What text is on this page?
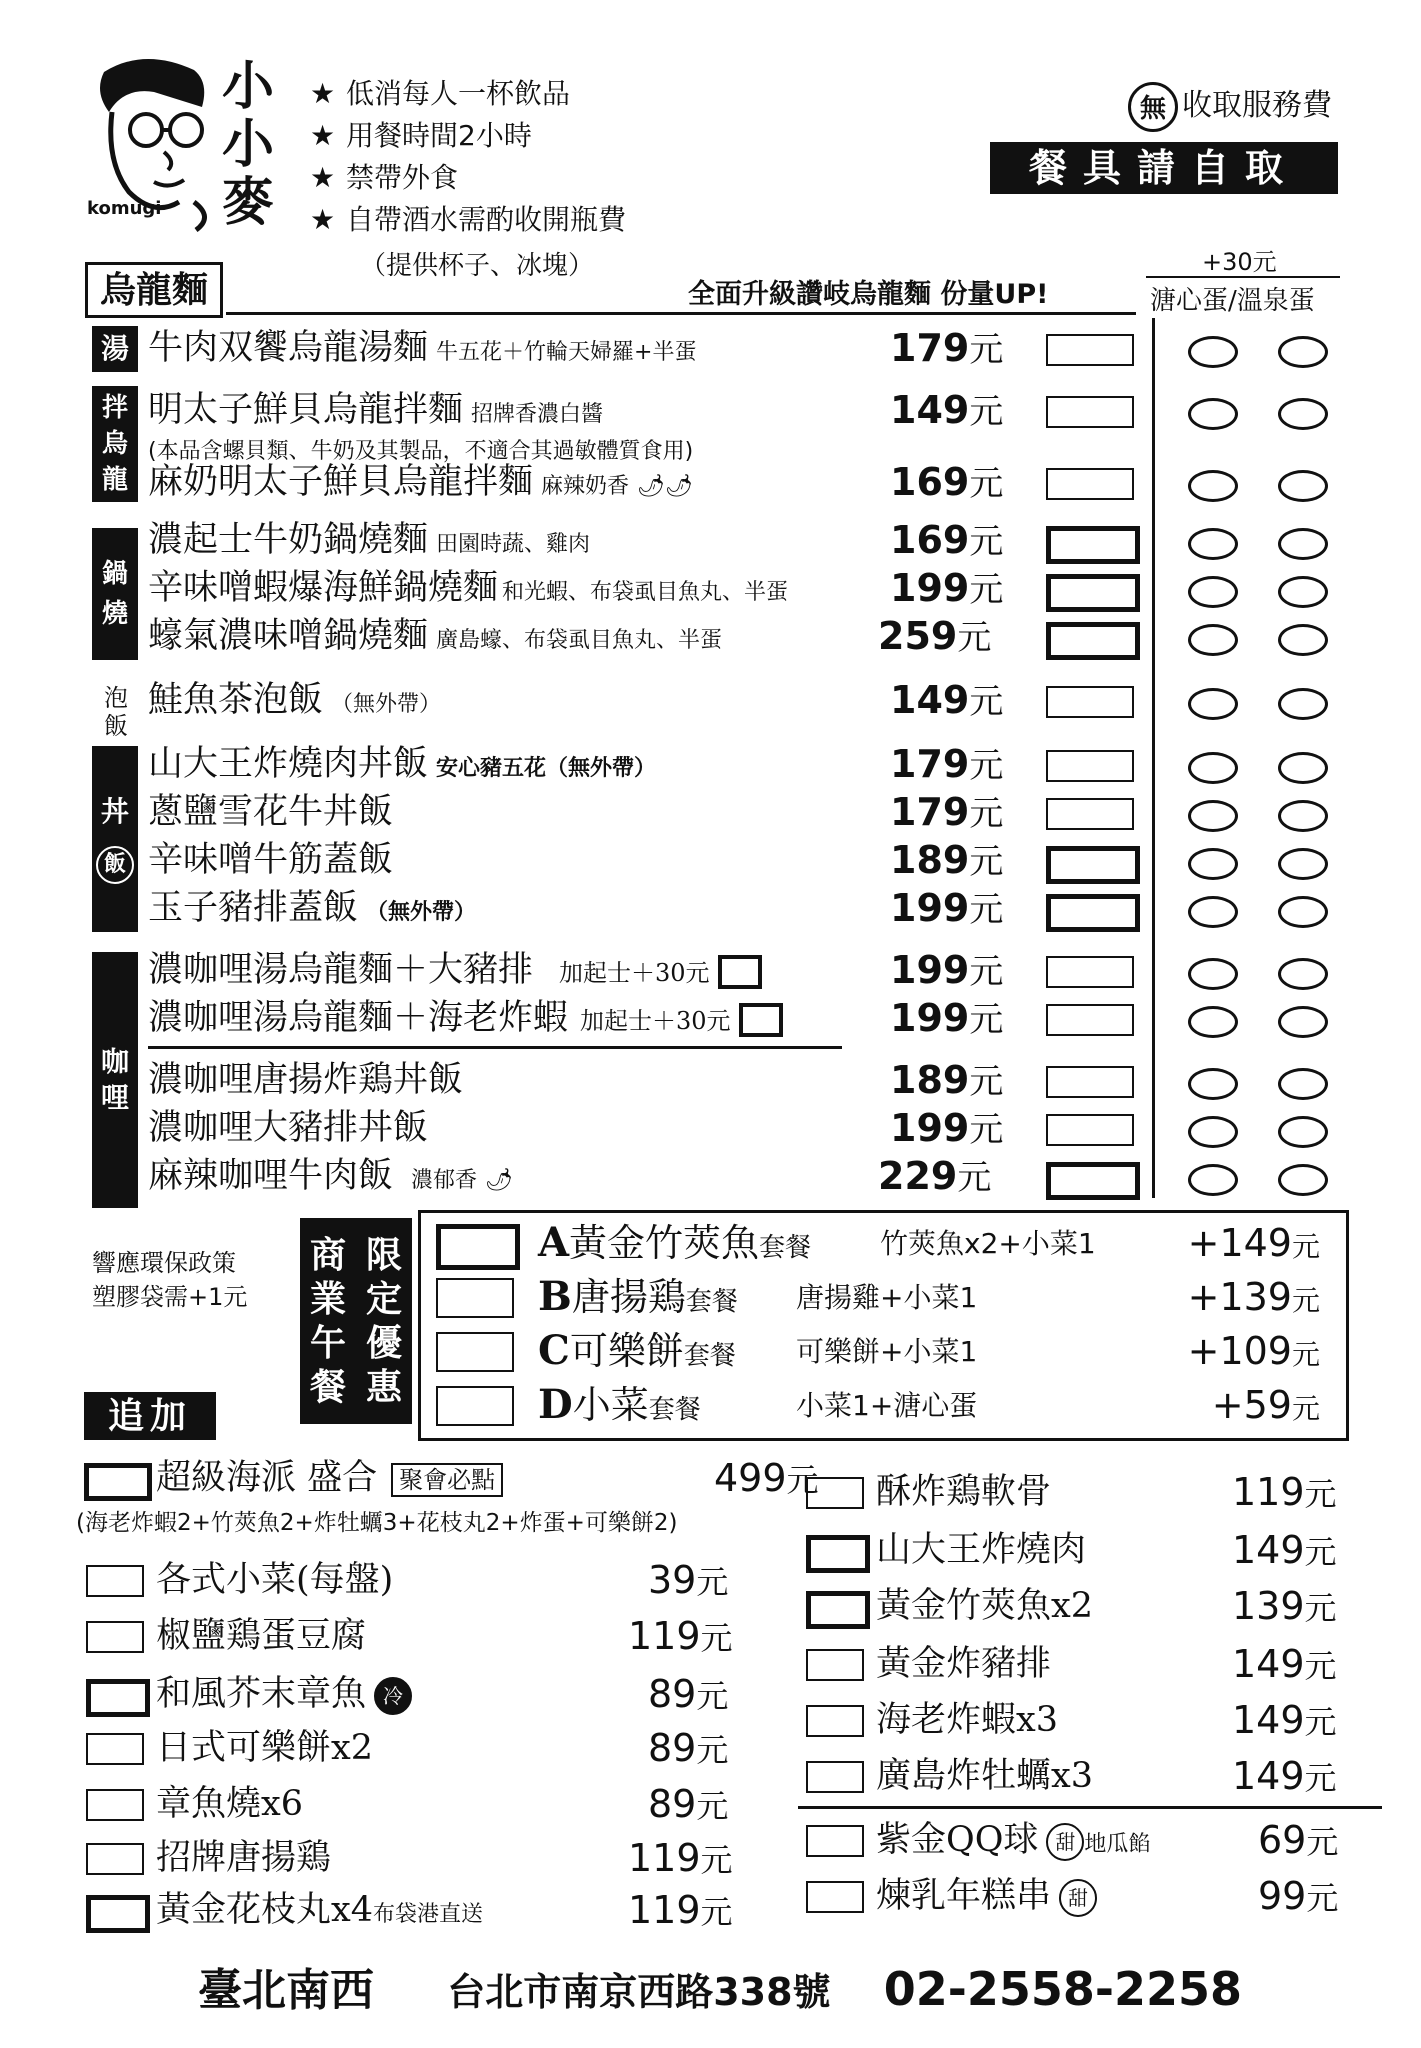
小小麥
komugi
★ 低消每人一杯飲品
★ 用餐時間2小時
★ 禁帶外食
★ 自帶酒水需酌收開瓶費
（提供杯子、冰塊）
無 收取服務費
餐具請自取
烏龍麵	全面升級讚岐烏龍麵 份量UP!
+30元
溏心蛋/溫泉蛋
湯
拌烏龍
鍋燒
泡飯
丼
飯
咖哩
牛肉双饗烏龍湯麵 牛五花＋竹輪天婦羅+半蛋	179元
明太子鮮貝烏龍拌麵 招牌香濃白醬	149元
(本品含螺貝類、牛奶及其製品，不適合其過敏體質食用)
麻奶明太子鮮貝烏龍拌麵 麻辣奶香 🌶🌶	169元
濃起士牛奶鍋燒麵 田園時蔬、雞肉	169元
辛味噌蝦爆海鮮鍋燒麵 和光蝦、布袋虱目魚丸、半蛋	199元
蠔氣濃味噌鍋燒麵 廣島蠔、布袋虱目魚丸、半蛋	259元
鮭魚茶泡飯 （無外帶）	149元
山大王炸燒肉丼飯 安心豬五花（無外帶）	179元
蔥鹽雪花牛丼飯	179元
辛味噌牛筋蓋飯	189元
玉子豬排蓋飯 （無外帶）	199元
濃咖哩湯烏龍麵＋大豬排 加起士＋30元	199元
濃咖哩湯烏龍麵＋海老炸蝦 加起士＋30元	199元
濃咖哩唐揚炸鶏丼飯	189元
濃咖哩大豬排丼飯	199元
麻辣咖哩牛肉飯 濃郁香 🌶	229元
響應環保政策
塑膠袋需+1元
商 限
業 定
午 優
餐 惠
A黃金竹莢魚套餐 竹莢魚x2+小菜1 +149元
B唐揚鶏套餐 唐揚雞+小菜1	+139元
C可樂餅套餐 可樂餅+小菜1	+109元
D小菜套餐	小菜1+溏心蛋	+59元
追加
超級海派 盛合 聚會必點	499元
(海老炸蝦2+竹莢魚2+炸牡蠣3+花枝丸2+炸蛋+可樂餅2)
各式小菜(每盤)	39元
椒鹽鶏蛋豆腐	119元
和風芥末章魚 冷	89元
日式可樂餅x2	89元
章魚燒x6	89元
招牌唐揚鶏	119元
黃金花枝丸x4布袋港直送	119元
酥炸鶏軟骨	119元
山大王炸燒肉	149元
黃金竹莢魚x2	139元
黃金炸豬排	149元
海老炸蝦x3	149元
廣島炸牡蠣x3	149元
紫金QQ球 甜 地瓜餡	69元
煉乳年糕串 甜	99元
臺北南西 台北市南京西路338號 02-2558-2258
